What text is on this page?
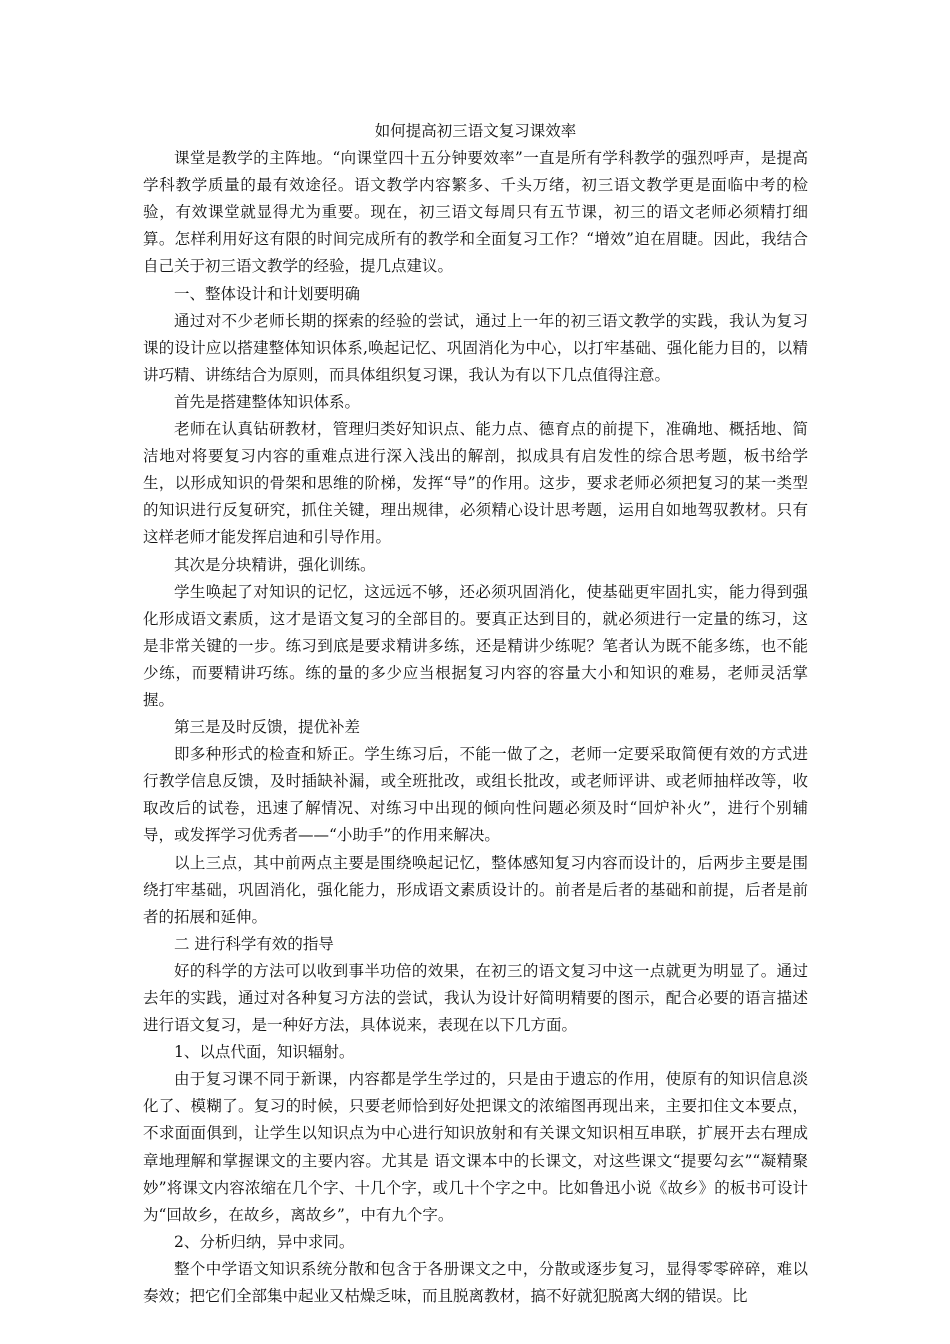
如何提高初三语文复习课效率

课堂是教学的主阵地。“向课堂四十五分钟要效率”一直是所有学科教学的强烈呼声，是提高学科教学质量的最有效途径。语文教学内容繁多、千头万绪，初三语文教学更是面临中考的检验，有效课堂就显得尤为重要。现在，初三语文每周只有五节课，初三的语文老师必须精打细算。怎样利用好这有限的时间完成所有的教学和全面复习工作？“增效”迫在眉睫。因此，我结合自己关于初三语文教学的经验，提几点建议。

一、整体设计和计划要明确

通过对不少老师长期的探索的经验的尝试，通过上一年的初三语文教学的实践，我认为复习课的设计应以搭建整体知识体系,唤起记忆、巩固消化为中心，以打牢基础、强化能力目的，以精讲巧精、讲练结合为原则，而具体组织复习课，我认为有以下几点值得注意。

首先是搭建整体知识体系。

老师在认真钻研教材，管理归类好知识点、能力点、德育点的前提下，准确地、概括地、简洁地对将要复习内容的重难点进行深入浅出的解剖，拟成具有启发性的综合思考题，板书给学生，以形成知识的骨架和思维的阶梯，发挥“导”的作用。这步，要求老师必须把复习的某一类型的知识进行反复研究，抓住关键，理出规律，必须精心设计思考题，运用自如地驾驭教材。只有这样老师才能发挥启迪和引导作用。

其次是分块精讲，强化训练。

学生唤起了对知识的记忆，这远远不够，还必须巩固消化，使基础更牢固扎实，能力得到强化形成语文素质，这才是语文复习的全部目的。要真正达到目的，就必须进行一定量的练习，这是非常关键的一步。练习到底是要求精讲多练，还是精讲少练呢？笔者认为既不能多练，也不能少练，而要精讲巧练。练的量的多少应当根据复习内容的容量大小和知识的难易，老师灵活掌握。

第三是及时反馈，提优补差

即多种形式的检查和矫正。学生练习后，不能一做了之，老师一定要采取简便有效的方式进行教学信息反馈，及时插缺补漏，或全班批改，或组长批改，或老师评讲、或老师抽样改等，收取改后的试卷，迅速了解情况、对练习中出现的倾向性问题必须及时“回炉补火”，进行个别辅导，或发挥学习优秀者——“小助手”的作用来解决。

以上三点，其中前两点主要是围绕唤起记忆，整体感知复习内容而设计的，后两步主要是围绕打牢基础，巩固消化，强化能力，形成语文素质设计的。前者是后者的基础和前提，后者是前者的拓展和延伸。

二 进行科学有效的指导

好的科学的方法可以收到事半功倍的效果，在初三的语文复习中这一点就更为明显了。通过去年的实践，通过对各种复习方法的尝试，我认为设计好简明精要的图示，配合必要的语言描述进行语文复习，是一种好方法，具体说来，表现在以下几方面。

1、以点代面，知识辐射。

由于复习课不同于新课，内容都是学生学过的，只是由于遗忘的作用，使原有的知识信息淡化了、模糊了。复习的时候，只要老师恰到好处把课文的浓缩图再现出来，主要扣住文本要点，不求面面俱到，让学生以知识点为中心进行知识放射和有关课文知识相互串联，扩展开去右理成章地理解和掌握课文的主要内容。尤其是 语文课本中的长课文，对这些课文“提要勾玄”“凝精聚妙”将课文内容浓缩在几个字、十几个字，或几十个字之中。比如鲁迅小说《故乡》的板书可设计为“回故乡，在故乡，离故乡”，中有九个字。

2、分析归纳，异中求同。

整个中学语文知识系统分散和包含于各册课文之中，分散或逐步复习，显得零零碎碎，难以奏效；把它们全部集中起业又枯燥乏味，而且脱离教材，搞不好就犯脱离大纲的错误。比
